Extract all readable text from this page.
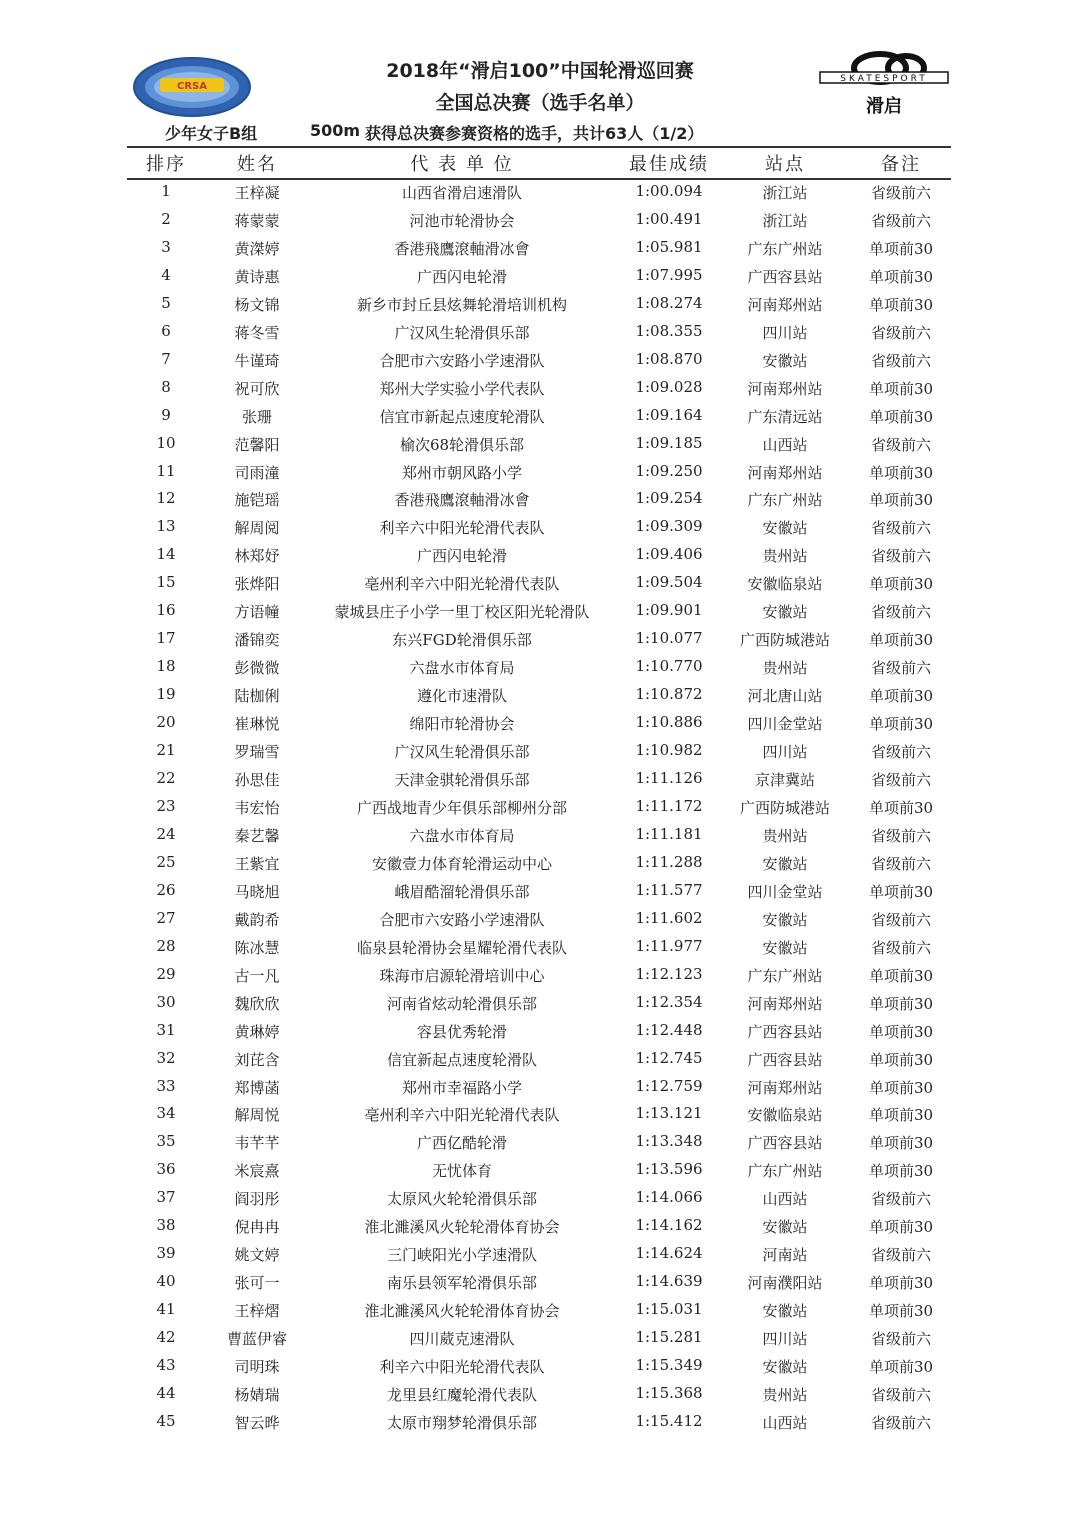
CRSA
2018年“滑启100”中国轮滑巡回赛
全国总决赛（选手名单）
SKATESPORT
滑启
少年女子B组	500m 获得总决赛参赛资格的选手，共计63人（1/2）
排序	姓名	代 表 单 位	最佳成绩	站点	备注
1	王梓凝	山西省滑启速滑队	1:00.094	浙江站	省级前六
2	蒋蒙蒙	河池市轮滑协会	1:00.491	浙江站	省级前六
3	黄滐婷	香港飛鷹滾軸滑冰會	1:05.981	广东广州站	单项前30
4	黄诗惠	广西闪电轮滑	1:07.995	广西容县站	单项前30
5	杨文锦	新乡市封丘县炫舞轮滑培训机构	1:08.274	河南郑州站	单项前30
6	蒋冬雪	广汉风生轮滑俱乐部	1:08.355	四川站	省级前六
7	牛谨琦	合肥市六安路小学速滑队	1:08.870	安徽站	省级前六
8	祝可欣	郑州大学实验小学代表队	1:09.028	河南郑州站	单项前30
9	张珊	信宜市新起点速度轮滑队	1:09.164	广东清远站	单项前30
10	范馨阳	榆次68轮滑俱乐部	1:09.185	山西站	省级前六
11	司雨潼	郑州市朝风路小学	1:09.250	河南郑州站	单项前30
12	施铠瑶	香港飛鷹滾軸滑冰會	1:09.254	广东广州站	单项前30
13	解周阅	利辛六中阳光轮滑代表队	1:09.309	安徽站	省级前六
14	林郑妤	广西闪电轮滑	1:09.406	贵州站	省级前六
15	张烨阳	亳州利辛六中阳光轮滑代表队	1:09.504	安徽临泉站	单项前30
16	方语幢	蒙城县庄子小学一里丁校区阳光轮滑队	1:09.901	安徽站	省级前六
17	潘锦奕	东兴FGD轮滑俱乐部	1:10.077	广西防城港站	单项前30
18	彭微微	六盘水市体育局	1:10.770	贵州站	省级前六
19	陆枷俐	遵化市速滑队	1:10.872	河北唐山站	单项前30
20	崔琳悦	绵阳市轮滑协会	1:10.886	四川金堂站	单项前30
21	罗瑞雪	广汉风生轮滑俱乐部	1:10.982	四川站	省级前六
22	孙思佳	天津金骐轮滑俱乐部	1:11.126	京津冀站	省级前六
23	韦宏怡	广西战地青少年俱乐部柳州分部	1:11.172	广西防城港站	单项前30
24	秦艺馨	六盘水市体育局	1:11.181	贵州站	省级前六
25	王紫宜	安徽壹力体育轮滑运动中心	1:11.288	安徽站	省级前六
26	马晓旭	峨眉酷溜轮滑俱乐部	1:11.577	四川金堂站	单项前30
27	戴韵希	合肥市六安路小学速滑队	1:11.602	安徽站	省级前六
28	陈冰慧	临泉县轮滑协会星耀轮滑代表队	1:11.977	安徽站	省级前六
29	古一凡	珠海市启源轮滑培训中心	1:12.123	广东广州站	单项前30
30	魏欣欣	河南省炫动轮滑俱乐部	1:12.354	河南郑州站	单项前30
31	黄琳婷	容县优秀轮滑	1:12.448	广西容县站	单项前30
32	刘芘含	信宜新起点速度轮滑队	1:12.745	广西容县站	单项前30
33	郑博菡	郑州市幸福路小学	1:12.759	河南郑州站	单项前30
34	解周悦	亳州利辛六中阳光轮滑代表队	1:13.121	安徽临泉站	单项前30
35	韦芊芊	广西亿酷轮滑	1:13.348	广西容县站	单项前30
36	米宸熹	无忧体育	1:13.596	广东广州站	单项前30
37	阎羽彤	太原风火轮轮滑俱乐部	1:14.066	山西站	省级前六
38	倪冉冉	淮北濉溪风火轮轮滑体育协会	1:14.162	安徽站	单项前30
39	姚文婷	三门峡阳光小学速滑队	1:14.624	河南站	省级前六
40	张可一	南乐县领军轮滑俱乐部	1:14.639	河南濮阳站	单项前30
41	王梓熠	淮北濉溪风火轮轮滑体育协会	1:15.031	安徽站	单项前30
42	曹蓝伊睿	四川葳克速滑队	1:15.281	四川站	省级前六
43	司明珠	利辛六中阳光轮滑代表队	1:15.349	安徽站	单项前30
44	杨婧瑞	龙里县红魔轮滑代表队	1:15.368	贵州站	省级前六
45	智云晔	太原市翔梦轮滑俱乐部	1:15.412	山西站	省级前六
